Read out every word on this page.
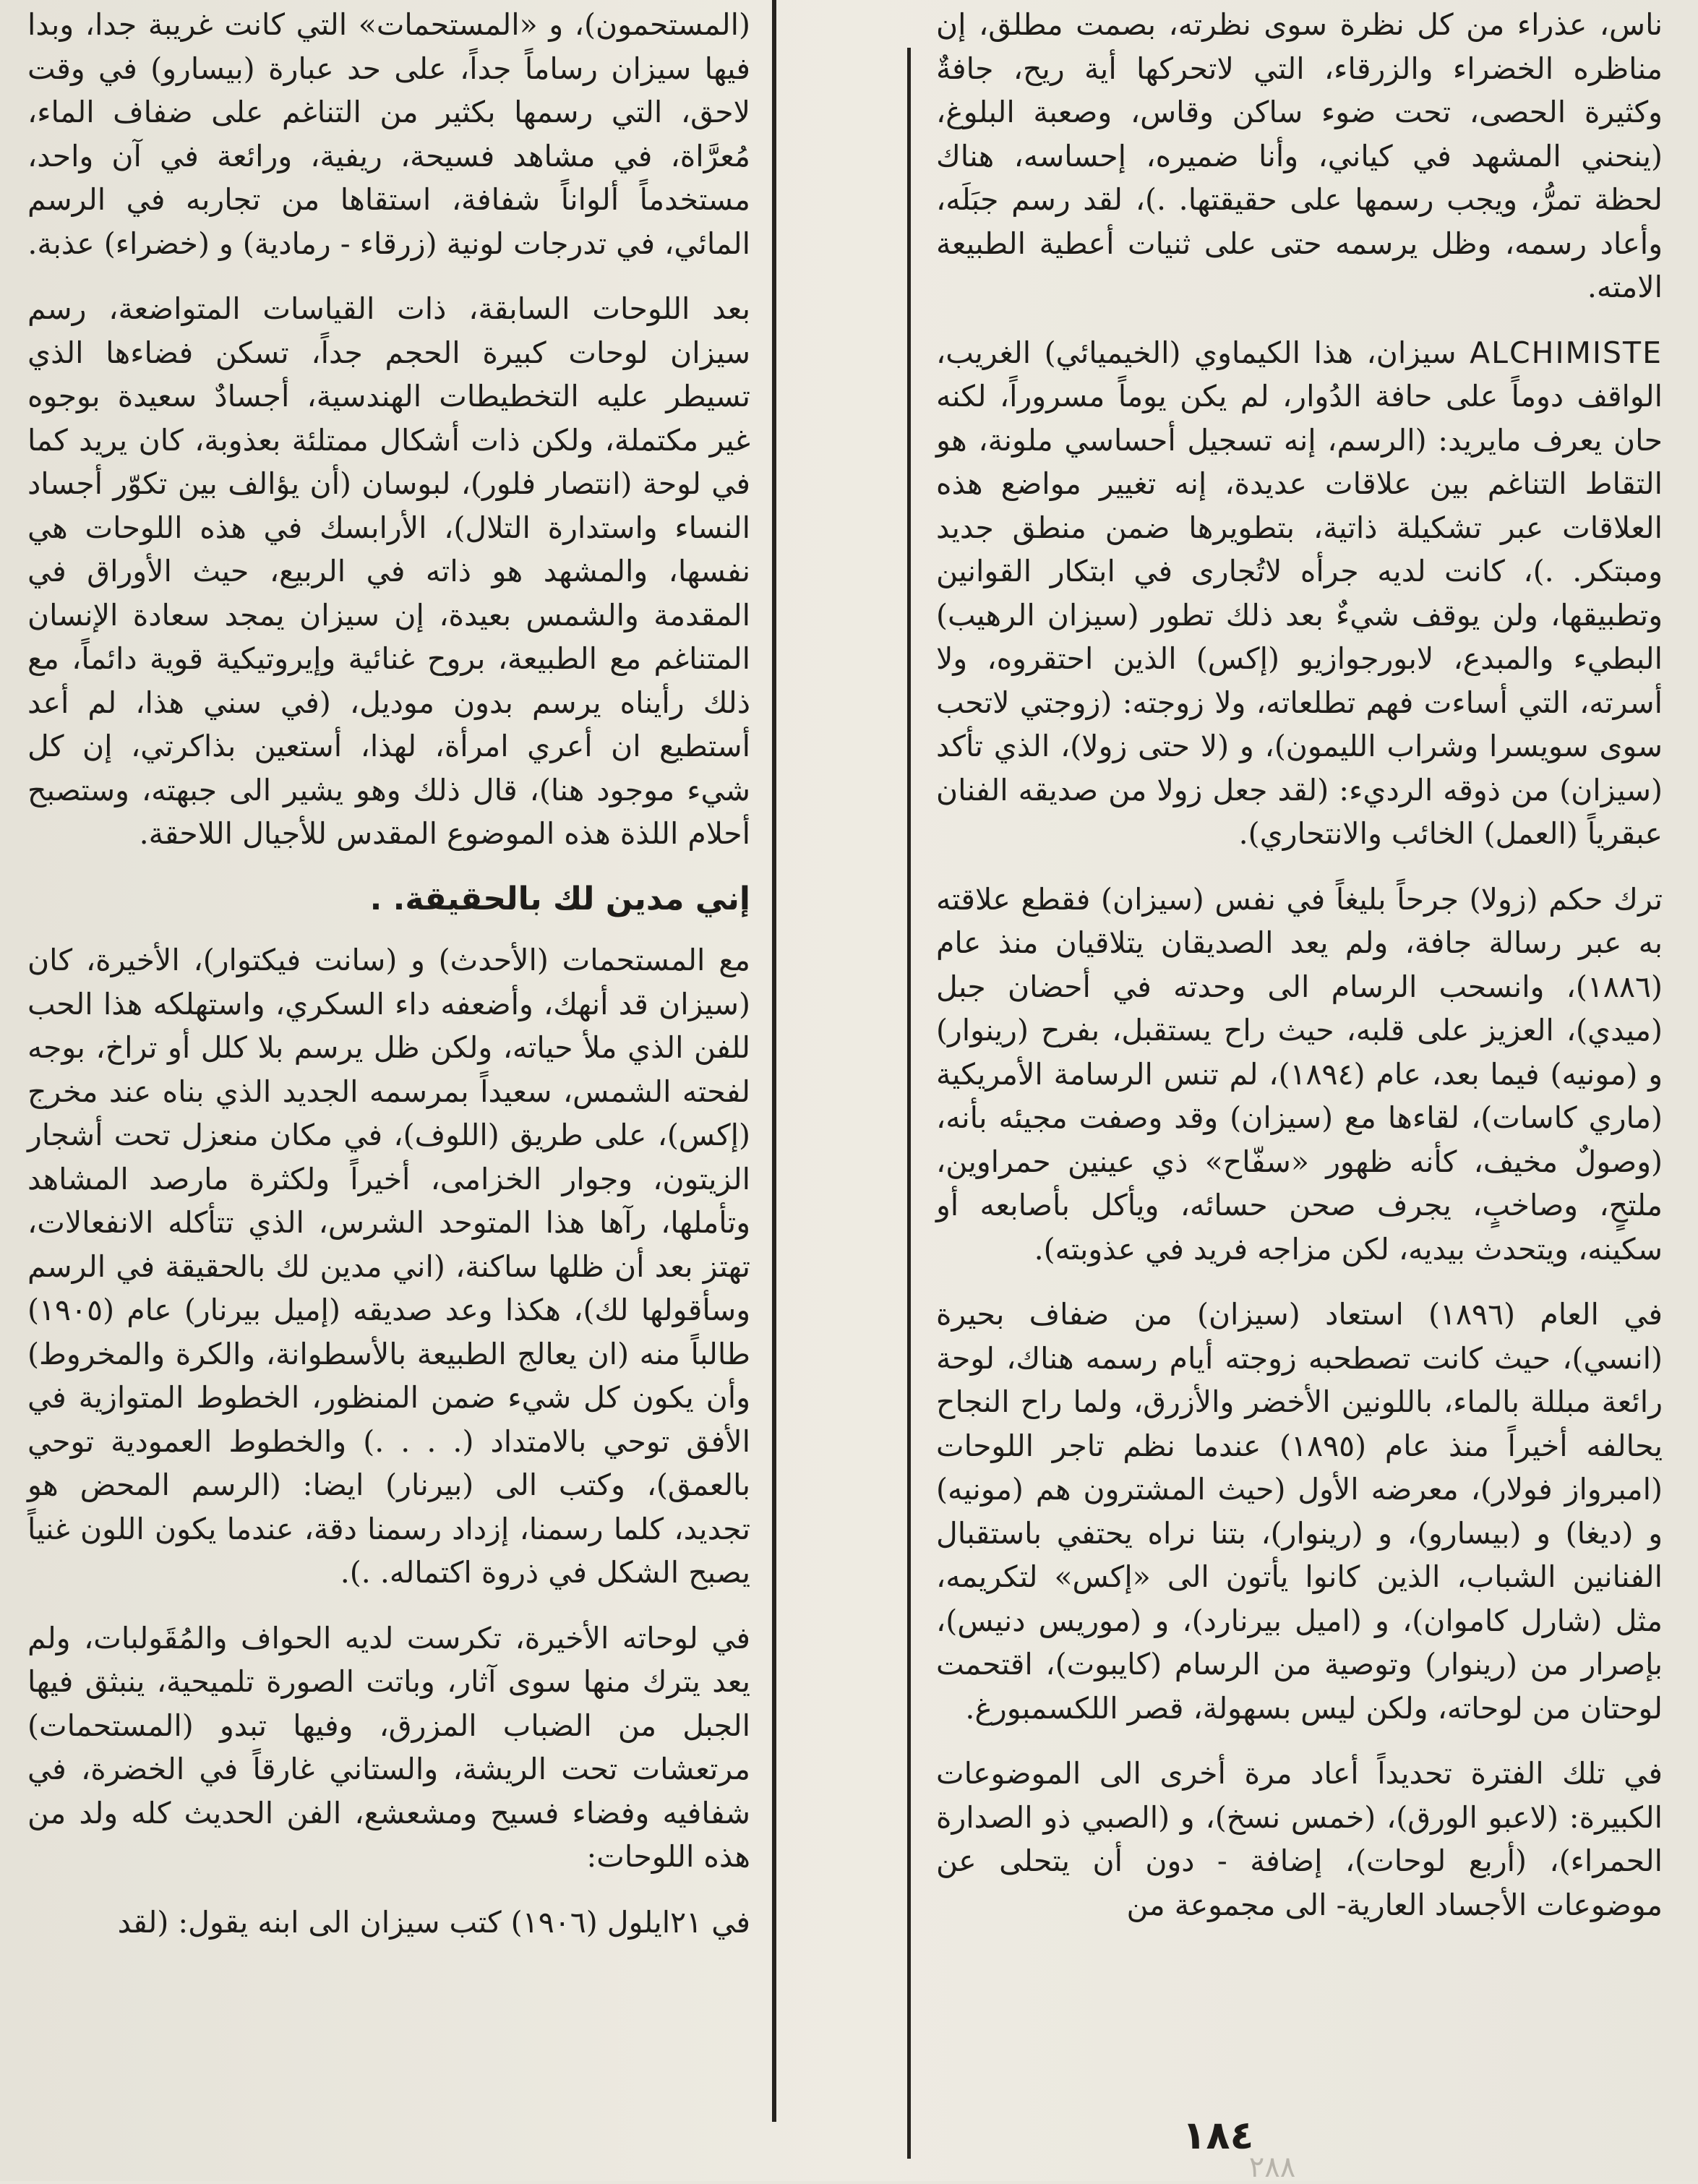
ناس، عذراء من كل نظرة سوى نظرته، بصمت مطلق، إن مناظره الخضراء والزرقاء، التي لاتحركها أية ريح، جافةٌ وكثيرة الحصى، تحت ضوء ساكن وقاس، وصعبة البلوغ، (ينحني المشهد في كياني، وأنا ضميره، إحساسه، هناك لحظة تمرُّ، ويجب رسمها على حقيقتها. .)، لقد رسم جبَلَه، وأعاد رسمه، وظل يرسمه حتى على ثنيات أعطية الطبيعة الامته.

ALCHIMISTE سيزان، هذا الكيماوي (الخيميائي) الغريب، الواقف دوماً على حافة الدُوار، لم يكن يوماً مسروراً، لكنه حان يعرف مايريد: (الرسم، إنه تسجيل أحساسي ملونة، هو التقاط التناغم بين علاقات عديدة، إنه تغيير مواضع هذه العلاقات عبر تشكيلة ذاتية، بتطويرها ضمن منطق جديد ومبتكر. .)، كانت لديه جرأه لاتُجارى في ابتكار القوانين وتطبيقها، ولن يوقف شيءٌ بعد ذلك تطور (سيزان الرهيب) البطيء والمبدع، لابورجوازيو (إكس) الذين احتقروه، ولا أسرته، التي أساءت فهم تطلعاته، ولا زوجته: (زوجتي لاتحب سوى سويسرا وشراب الليمون)، و (لا حتى زولا)، الذي تأكد (سيزان) من ذوقه الرديء: (لقد جعل زولا من صديقه الفنان عبقرياً (العمل) الخائب والانتحاري).

ترك حكم (زولا) جرحاً بليغاً في نفس (سيزان) فقطع علاقته به عبر رسالة جافة، ولم يعد الصديقان يتلاقيان منذ عام (١٨٨٦)، وانسحب الرسام الى وحدته في أحضان جبل (ميدي)، العزيز على قلبه، حيث راح يستقبل، بفرح (رينوار) و (مونيه) فيما بعد، عام (١٨٩٤)، لم تنس الرسامة الأمريكية (ماري كاسات)، لقاءها مع (سيزان) وقد وصفت مجيئه بأنه، (وصولٌ مخيف، كأنه ظهور «سفّاح» ذي عينين حمراوين، ملتحٍ، وصاخبٍ، يجرف صحن حسائه، ويأكل بأصابعه أو سكينه، ويتحدث بيديه، لكن مزاجه فريد في عذوبته).

في العام (١٨٩٦) استعاد (سيزان) من ضفاف بحيرة (انسي)، حيث كانت تصطحبه زوجته أيام رسمه هناك، لوحة رائعة مبللة بالماء، باللونين الأخضر والأزرق، ولما راح النجاح يحالفه أخيراً منذ عام (١٨٩٥) عندما نظم تاجر اللوحات (امبرواز فولار)، معرضه الأول (حيث المشترون هم (مونيه) و (ديغا) و (بيسارو)، و (رينوار)، بتنا نراه يحتفي باستقبال الفنانين الشباب، الذين كانوا يأتون الى «إكس» لتكريمه، مثل (شارل كاموان)، و (اميل بيرنارد)، و (موريس دنيس)، بإصرار من (رينوار) وتوصية من الرسام (كايبوت)، اقتحمت لوحتان من لوحاته، ولكن ليس بسهولة، قصر اللكسمبورغ.

في تلك الفترة تحديداً أعاد مرة أخرى الى الموضوعات الكبيرة: (لاعبو الورق)، (خمس نسخ)، و (الصبي ذو الصدارة الحمراء)، (أربع لوحات)، إضافة - دون أن يتحلى عن موضوعات الأجساد العارية- الى مجموعة من

(المستحمون)، و «المستحمات» التي كانت غريبة جدا، وبدا فيها سيزان رساماً جداً، على حد عبارة (بيسارو) في وقت لاحق، التي رسمها بكثير من التناغم على ضفاف الماء، مُعرَّاة، في مشاهد فسيحة، ريفية، ورائعة في آن واحد، مستخدماً ألواناً شفافة، استقاها من تجاربه في الرسم المائي، في تدرجات لونية (زرقاء - رمادية) و (خضراء) عذبة.

بعد اللوحات السابقة، ذات القياسات المتواضعة، رسم سيزان لوحات كبيرة الحجم جداً، تسكن فضاءها الذي تسيطر عليه التخطيطات الهندسية، أجسادٌ سعيدة بوجوه غير مكتملة، ولكن ذات أشكال ممتلئة بعذوبة، كان يريد كما في لوحة (انتصار فلور)، لبوسان (أن يؤالف بين تكوّر أجساد النساء واستدارة التلال)، الأرابسك في هذه اللوحات هي نفسها، والمشهد هو ذاته في الربيع، حيث الأوراق في المقدمة والشمس بعيدة، إن سيزان يمجد سعادة الإنسان المتناغم مع الطبيعة، بروح غنائية وإيروتيكية قوية دائماً، مع ذلك رأيناه يرسم بدون موديل، (في سني هذا، لم أعد أستطيع ان أعري امرأة، لهذا، أستعين بذاكرتي، إن كل شيء موجود هنا)، قال ذلك وهو يشير الى جبهته، وستصبح أحلام اللذة هذه الموضوع المقدس للأجيال اللاحقة.

إني مدين لك بالحقيقة. .

مع المستحمات (الأحدث) و (سانت فيكتوار)، الأخيرة، كان (سيزان قد أنهك، وأضعفه داء السكري، واستهلكه هذا الحب للفن الذي ملأ حياته، ولكن ظل يرسم بلا كلل أو تراخ، بوجه لفحته الشمس، سعيداً بمرسمه الجديد الذي بناه عند مخرج (إكس)، على طريق (اللوف)، في مكان منعزل تحت أشجار الزيتون، وجوار الخزامى، أخيراً ولكثرة مارصد المشاهد وتأملها، رآها هذا المتوحد الشرس، الذي تتأكله الانفعالات، تهتز بعد أن ظلها ساكنة، (اني مدين لك بالحقيقة في الرسم وسأقولها لك)، هكذا وعد صديقه (إميل بيرنار) عام (١٩٠٥) طالباً منه (ان يعالج الطبيعة بالأسطوانة، والكرة والمخروط) وأن يكون كل شيء ضمن المنظور، الخطوط المتوازية في الأفق توحي بالامتداد (. . . .) والخطوط العمودية توحي بالعمق)، وكتب الى (بيرنار) ايضا: (الرسم المحض هو تجديد، كلما رسمنا، إزداد رسمنا دقة، عندما يكون اللون غنياً يصبح الشكل في ذروة اكتماله. .).

في لوحاته الأخيرة، تكرست لديه الحواف والمُقَولبات، ولم يعد يترك منها سوى آثار، وباتت الصورة تلميحية، ينبثق فيها الجبل من الضباب المزرق، وفيها تبدو (المستحمات) مرتعشات تحت الريشة، والستاني غارقاً في الخضرة، في شفافيه وفضاء فسيح ومشعشع، الفن الحديث كله ولد من هذه اللوحات:

في ٢١ايلول (١٩٠٦) كتب سيزان الى ابنه يقول: (لقد

١٨٤
٢٨٨
